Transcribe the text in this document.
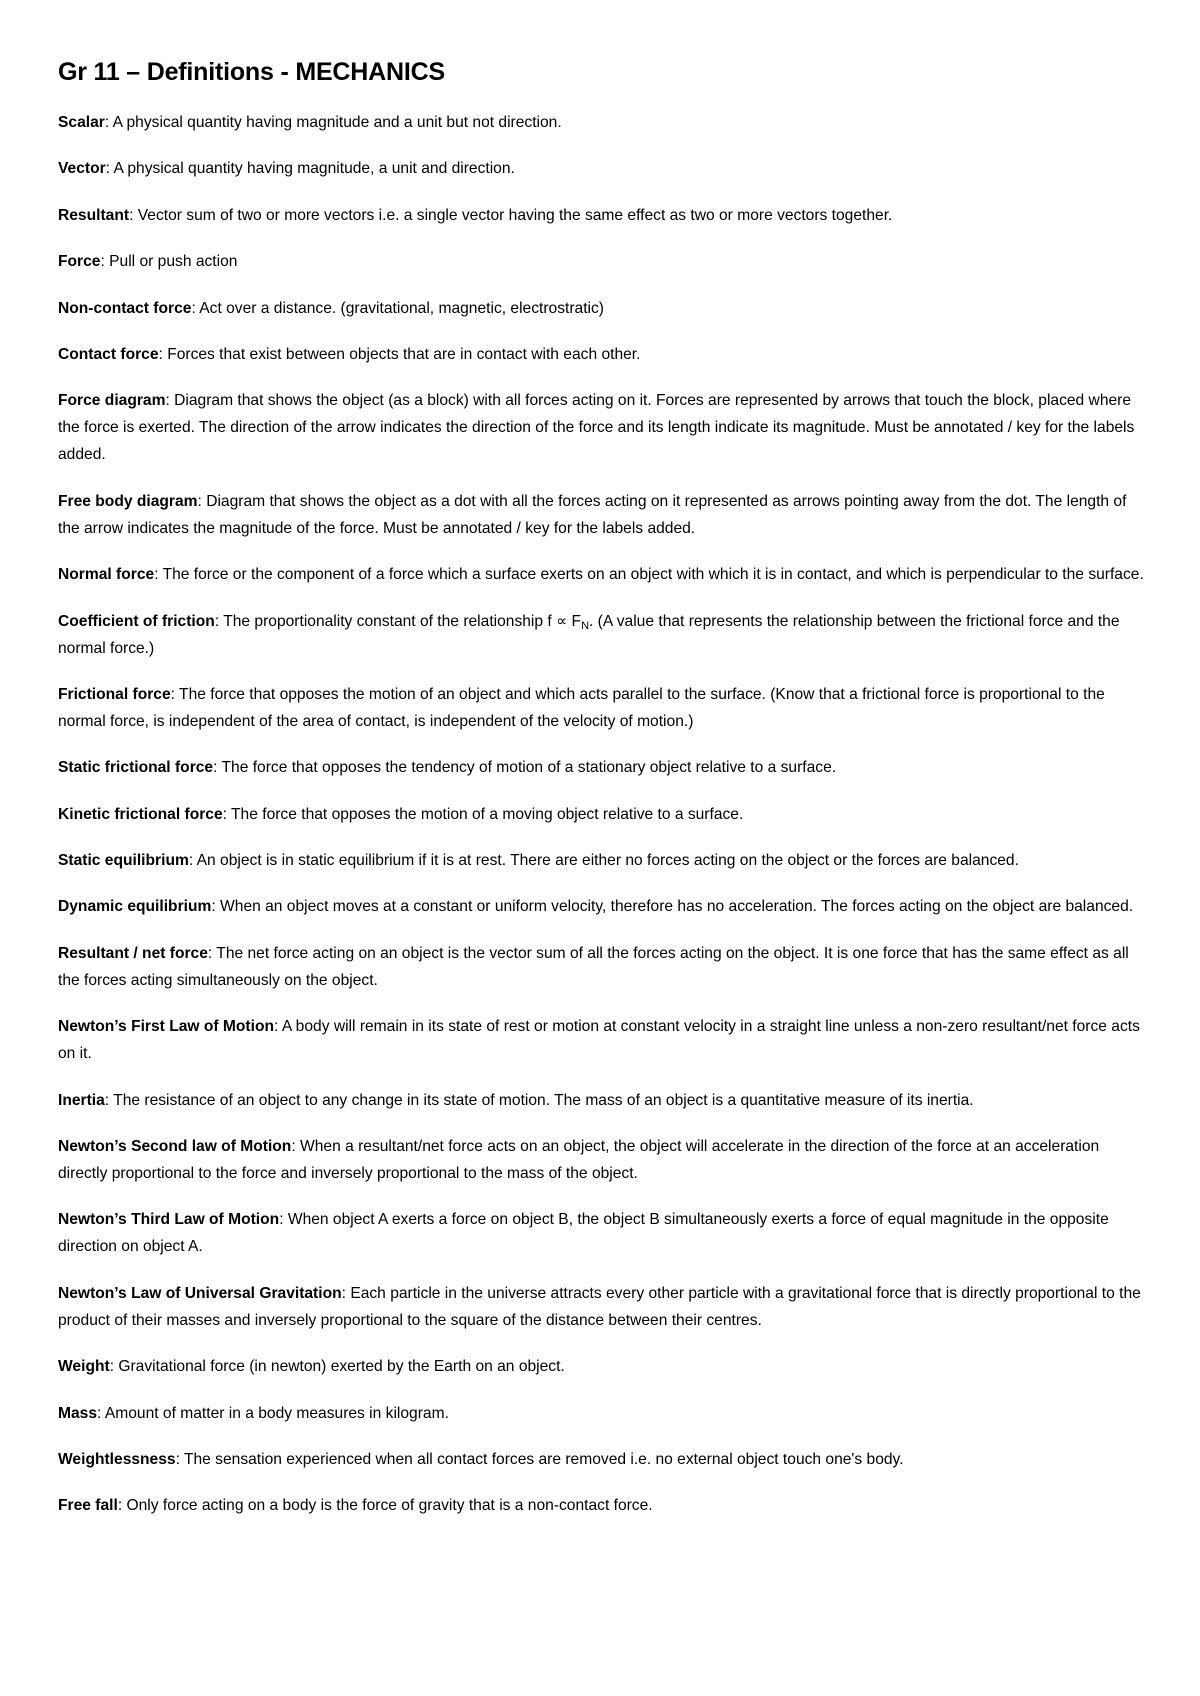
Gr 11 – Definitions - MECHANICS
Scalar: A physical quantity having magnitude and a unit but not direction.
Vector: A physical quantity having magnitude, a unit and direction.
Resultant: Vector sum of two or more vectors i.e. a single vector having the same effect as two or more vectors together.
Force: Pull or push action
Non-contact force: Act over a distance. (gravitational, magnetic, electrostratic)
Contact force: Forces that exist between objects that are in contact with each other.
Force diagram: Diagram that shows the object (as a block) with all forces acting on it. Forces are represented by arrows that touch the block, placed where the force is exerted. The direction of the arrow indicates the direction of the force and its length indicate its magnitude. Must be annotated / key for the labels added.
Free body diagram: Diagram that shows the object as a dot with all the forces acting on it represented as arrows pointing away from the dot. The length of the arrow indicates the magnitude of the force. Must be annotated / key for the labels added.
Normal force: The force or the component of a force which a surface exerts on an object with which it is in contact, and which is perpendicular to the surface.
Coefficient of friction: The proportionality constant of the relationship $f \propto F_N$. (A value that represents the relationship between the frictional force and the normal force.)
Frictional force: The force that opposes the motion of an object and which acts parallel to the surface. (Know that a frictional force is proportional to the normal force, is independent of the area of contact, is independent of the velocity of motion.)
Static frictional force: The force that opposes the tendency of motion of a stationary object relative to a surface.
Kinetic frictional force: The force that opposes the motion of a moving object relative to a surface.
Static equilibrium: An object is in static equilibrium if it is at rest. There are either no forces acting on the object or the forces are balanced.
Dynamic equilibrium: When an object moves at a constant or uniform velocity, therefore has no acceleration. The forces acting on the object are balanced.
Resultant / net force: The net force acting on an object is the vector sum of all the forces acting on the object. It is one force that has the same effect as all the forces acting simultaneously on the object.
Newton’s First Law of Motion: A body will remain in its state of rest or motion at constant velocity in a straight line unless a non-zero resultant/net force acts on it.
Inertia: The resistance of an object to any change in its state of motion. The mass of an object is a quantitative measure of its inertia.
Newton’s Second law of Motion: When a resultant/net force acts on an object, the object will accelerate in the direction of the force at an acceleration directly proportional to the force and inversely proportional to the mass of the object.
Newton’s Third Law of Motion: When object A exerts a force on object B, the object B simultaneously exerts a force of equal magnitude in the opposite direction on object A.
Newton’s Law of Universal Gravitation: Each particle in the universe attracts every other particle with a gravitational force that is directly proportional to the product of their masses and inversely proportional to the square of the distance between their centres.
Weight: Gravitational force (in newton) exerted by the Earth on an object.
Mass: Amount of matter in a body measures in kilogram.
Weightlessness: The sensation experienced when all contact forces are removed i.e. no external object touch one's body.
Free fall: Only force acting on a body is the force of gravity that is a non-contact force.
